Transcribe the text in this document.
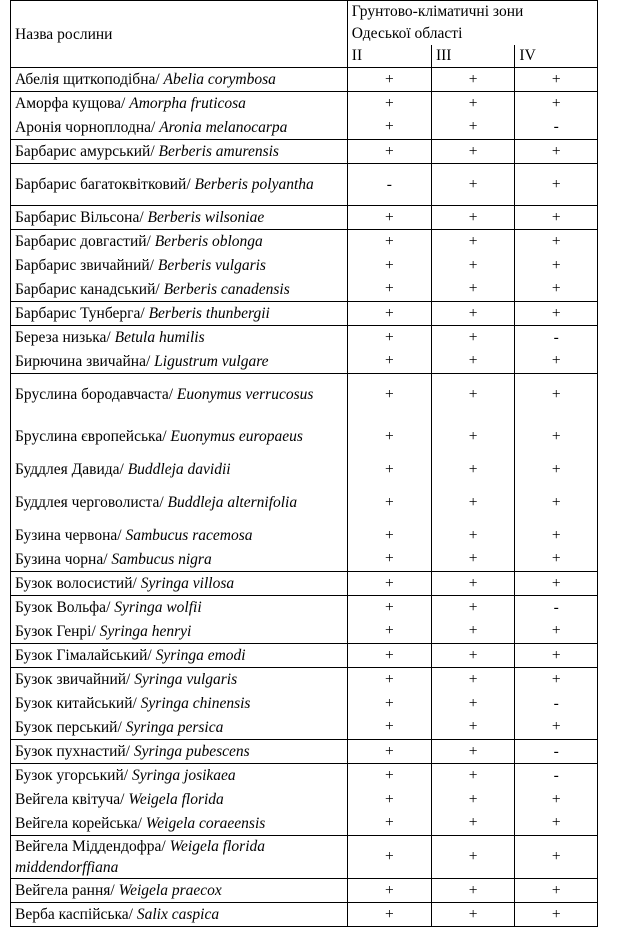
Назва рослини	Грунтово-кліматичні зони
Одеської області		

	II	III	IV
Абелія щиткоподібна/ Abelia corymbosa	+	+	+
Аморфа кущова/ Amorpha fruticosa	+	+	+
Аронія чорноплодна/ Aronia melanocarpa	+	+	-
Барбарис амурський/ Berberis amurensis	+	+	+
Барбарис багатоквітковий/ Berberis polyantha	-	+	+
Барбарис Вільсона/ Berberis wilsoniae	+	+	+
Барбарис довгастий/ Berberis oblonga	+	+	+
Барбарис звичайний/ Berberis vulgaris	+	+	+
Барбарис канадський/ Berberis canadensis	+	+	+
Барбарис Тунберга/ Berberis thunbergii	+	+	+
Береза низька/ Betula humilis	+	+	-
Бирючина звичайна/ Ligustrum vulgare	+	+	+
Бруслина бородавчаста/ Euonymus verrucosus	+	+	+
Бруслина європейська/ Euonymus europaeus	+	+	+
Буддлея Давида/ Buddleja davidii	+	+	+
Буддлея черговолиста/ Buddleja alternifolia	+	+	+
Бузина червона/ Sambucus racemosa	+	+	+
Бузина чорна/ Sambucus nigra	+	+	+
Бузок волосистий/ Syringa villosa	+	+	+
Бузок Вольфа/ Syringa wolfii	+	+	-
Бузок Генрі/ Syringa henryi	+	+	+
Бузок Гімалайський/ Syringa emodi	+	+	+
Бузок звичайний/ Syringa vulgaris	+	+	+
Бузок китайський/ Syringa chinensis	+	+	-
Бузок перський/ Syringa persica	+	+	+
Бузок пухнастий/ Syringa pubescens	+	+	-
Бузок угорський/ Syringa josikaea	+	+	-
Вейгела квітуча/ Weigela florida	+	+	+
Вейгела корейська/ Weigela coraeensis	+	+	+
Вейгела Міддендофра/ Weigela florida middendorffiana	+	+	+
Вейгела рання/ Weigela praecox	+	+	+
Верба каспійська/ Salix caspica	+	+	+
